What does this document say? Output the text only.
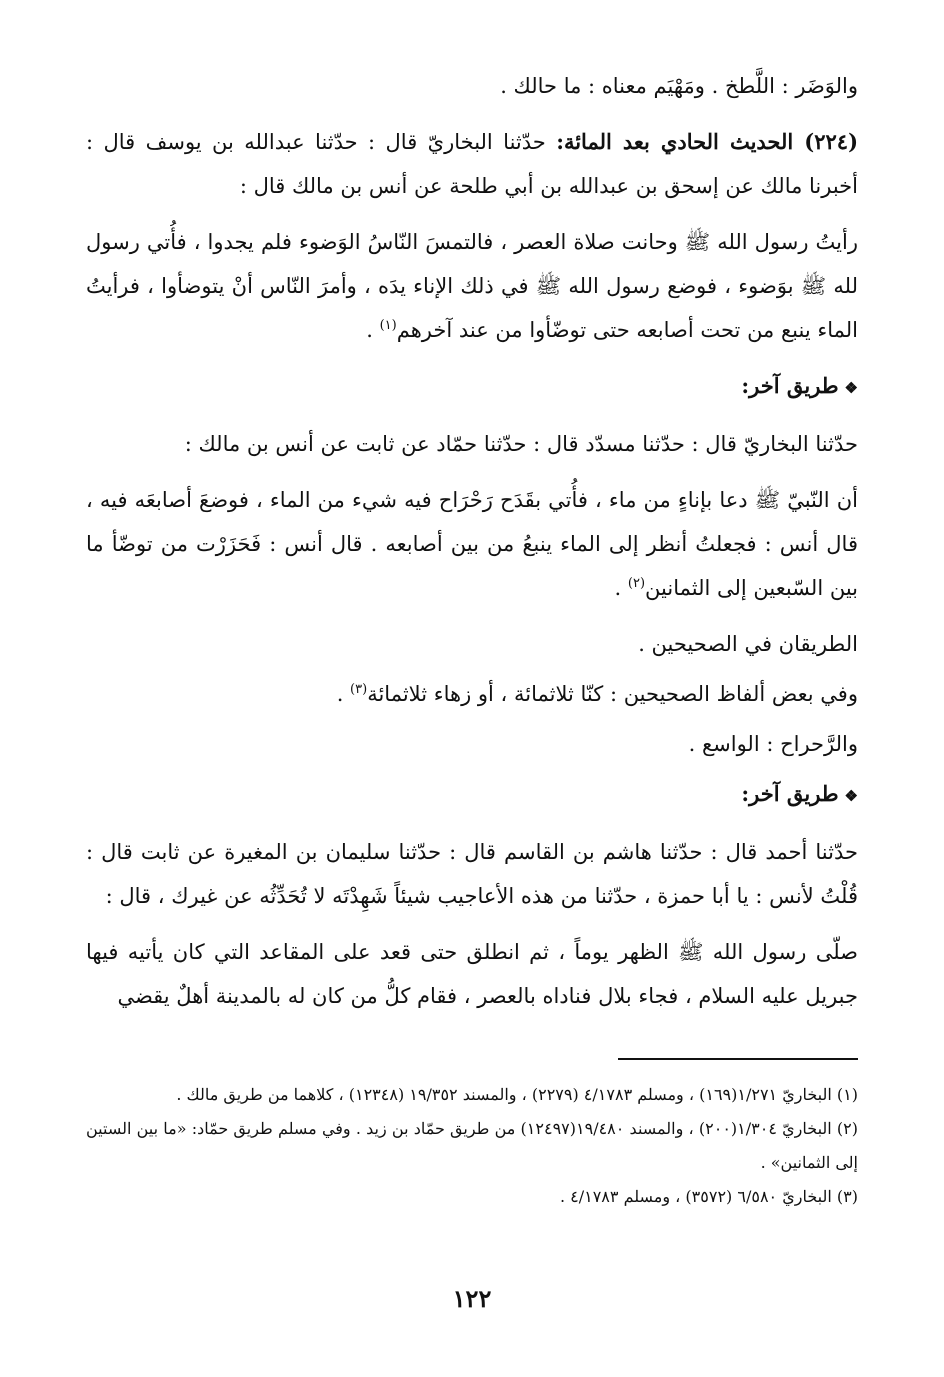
والوَضَر : اللَّطخ . ومَهْيَم معناه : ما حالك .

(٢٢٤) الحديث الحادي بعد المائة: حدّثنا البخاريّ قال : حدّثنا عبدالله بن يوسف قال : أخبرنا مالك عن إسحق بن عبدالله بن أبي طلحة عن أنس بن مالك قال :

رأيتُ رسول الله ﷺ وحانت صلاة العصر ، فالتمسَ النّاسُ الوَضوء فلم يجدوا ، فأُتي رسول لله ﷺ بوَضوء ، فوضع رسول الله ﷺ في ذلك الإناء يدَه ، وأمرَ النّاس أنْ يتوضأوا ، فرأيتُ الماء ينبع من تحت أصابعه حتى توضّأوا من عند آخرهم$^{(١)}$ .

❖طريق آخر:

حدّثنا البخاريّ قال : حدّثنا مسدّد قال : حدّثنا حمّاد عن ثابت عن أنس بن مالك :

أن النّبيّ ﷺ دعا بإناءٍ من ماء ، فأُتي بقَدَح رَحْرَاح فيه شيء من الماء ، فوضعَ أصابعَه فيه ، قال أنس : فجعلتُ أنظر إلى الماء ينبعُ من بين أصابعه . قال أنس : فَحَزَرْت من توضّأ ما بين السّبعين إلى الثمانين$^{(٢)}$ .

الطريقان في الصحيحين .

وفي بعض ألفاظ الصحيحين : كنّا ثلاثمائة ، أو زهاء ثلاثمائة$^{(٣)}$ .

والرَّحراح : الواسع .

❖طريق آخر:

حدّثنا أحمد قال : حدّثنا هاشم بن القاسم قال : حدّثنا سليمان بن المغيرة عن ثابت قال : قُلْتُ لأنس : يا أبا حمزة ، حدّثنا من هذه الأعاجيب شيئاً شَهِدْتَه لا تُحَدِّثُه عن غيرك ، قال :

صلّى رسول الله ﷺ الظهر يوماً ، ثم انطلق حتى قعد على المقاعد التي كان يأتيه فيها جبريل عليه السلام ، فجاء بلال فناداه بالعصر ، فقام كلُّ من كان له بالمدينة أهلٌ يقضي

(١) البخاريّ ١/٢٧١(١٦٩) ، ومسلم ٤/١٧٨٣ (٢٢٧٩) ، والمسند ١٩/٣٥٢ (١٢٣٤٨) ، كلاهما من طريق مالك .

(٢) البخاريّ ١/٣٠٤(٢٠٠) ، والمسند ١٩/٤٨٠(١٢٤٩٧) من طريق حمّاد بن زيد . وفي مسلم طريق حمّاد: «ما بين الستين إلى الثمانين» .

(٣) البخاريّ ٦/٥٨٠ (٣٥٧٢) ، ومسلم ٤/١٧٨٣ .

١٢٢
